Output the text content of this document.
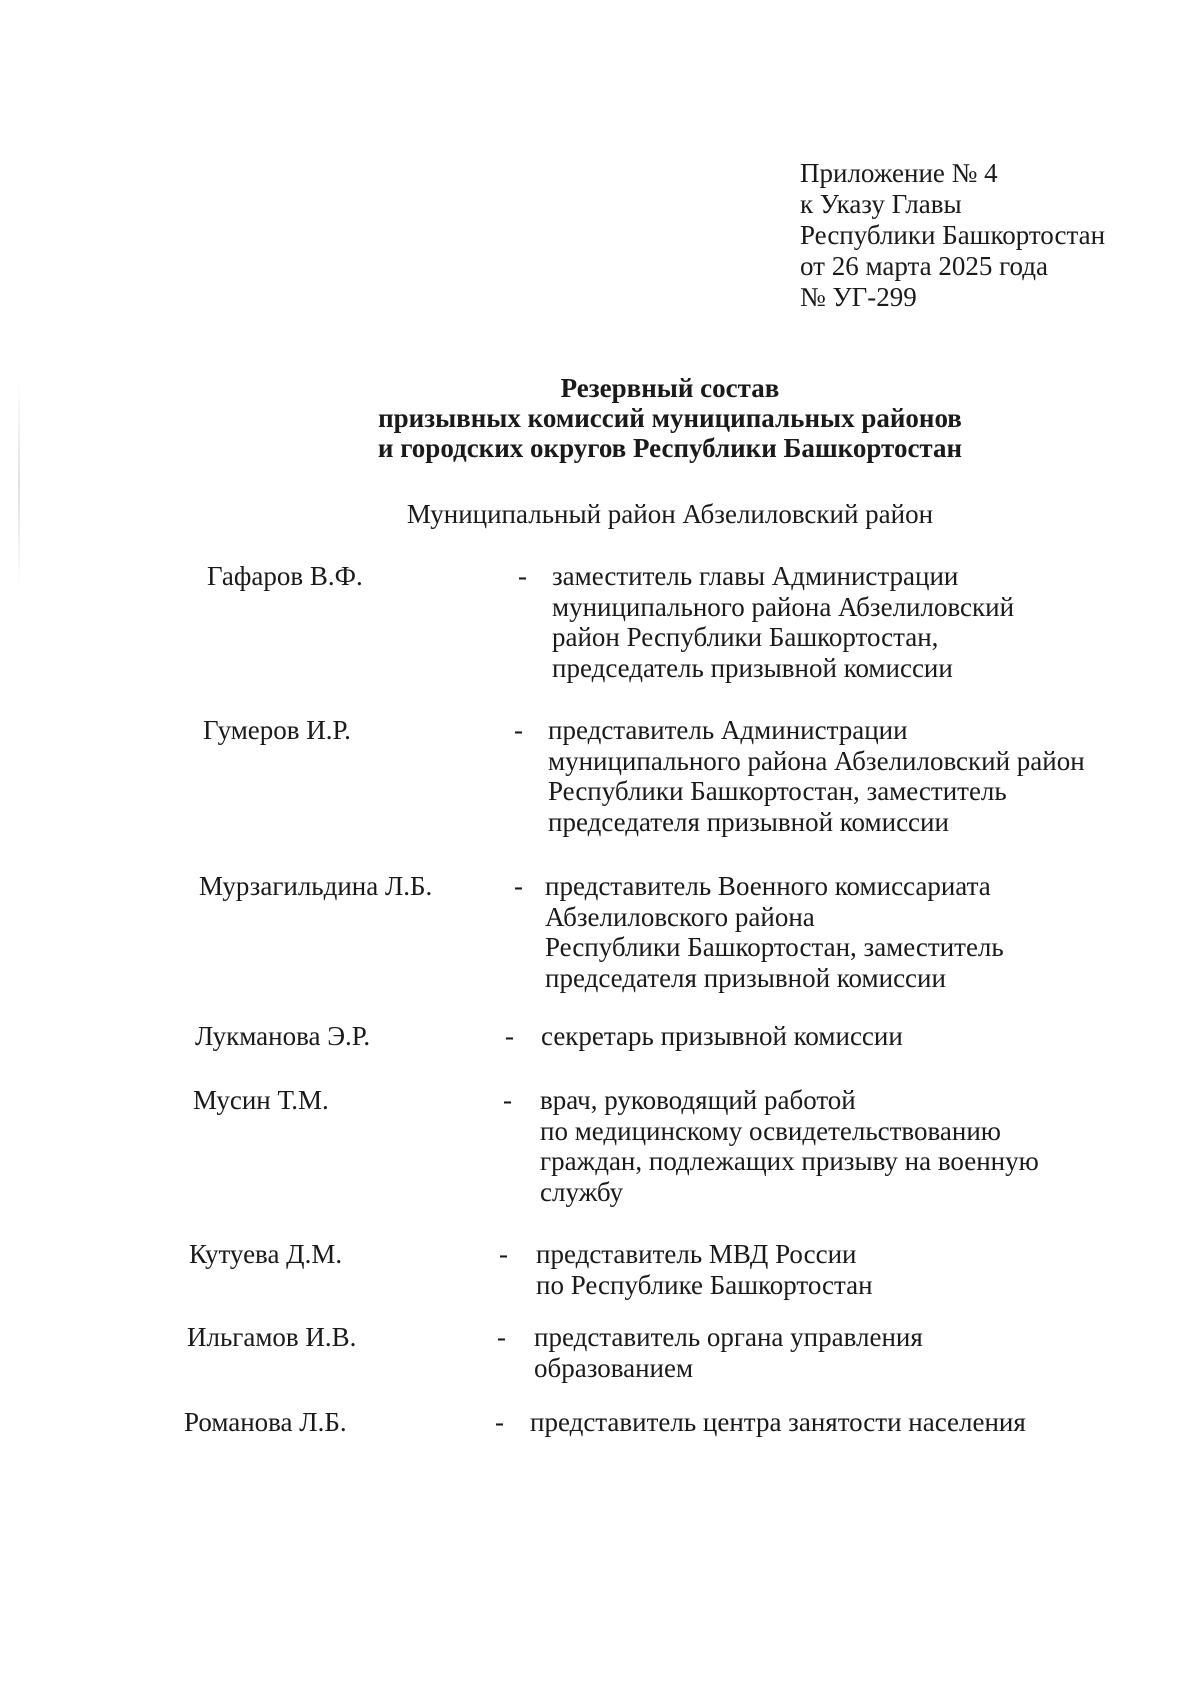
Приложение № 4
к Указу Главы
Республики Башкортостан
от 26 марта 2025 года
№ УГ-299
Резервный состав
призывных комиссий муниципальных районов
и городских округов Республики Башкортостан
Муниципальный район Абзелиловский район
Гафаров В.Ф.	- заместитель главы Администрации
муниципального района Абзелиловский
район Республики Башкортостан,
председатель призывной комиссии
Гумеров И.Р.	- представитель Администрации
муниципального района Абзелиловский район
Республики Башкортостан, заместитель
председателя призывной комиссии
Мурзагильдина Л.Б.	- представитель Военного комиссариата
Абзелиловского района
Республики Башкортостан, заместитель
председателя призывной комиссии
Лукманова Э.Р.	- секретарь призывной комиссии
Мусин Т.М.	- врач, руководящий работой
по медицинскому освидетельствованию
граждан, подлежащих призыву на военную
службу
Кутуева Д.М.	- представитель МВД России
по Республике Башкортостан
Ильгамов И.В.	- представитель органа управления
образованием
Романова Л.Б.	- представитель центра занятости населения
